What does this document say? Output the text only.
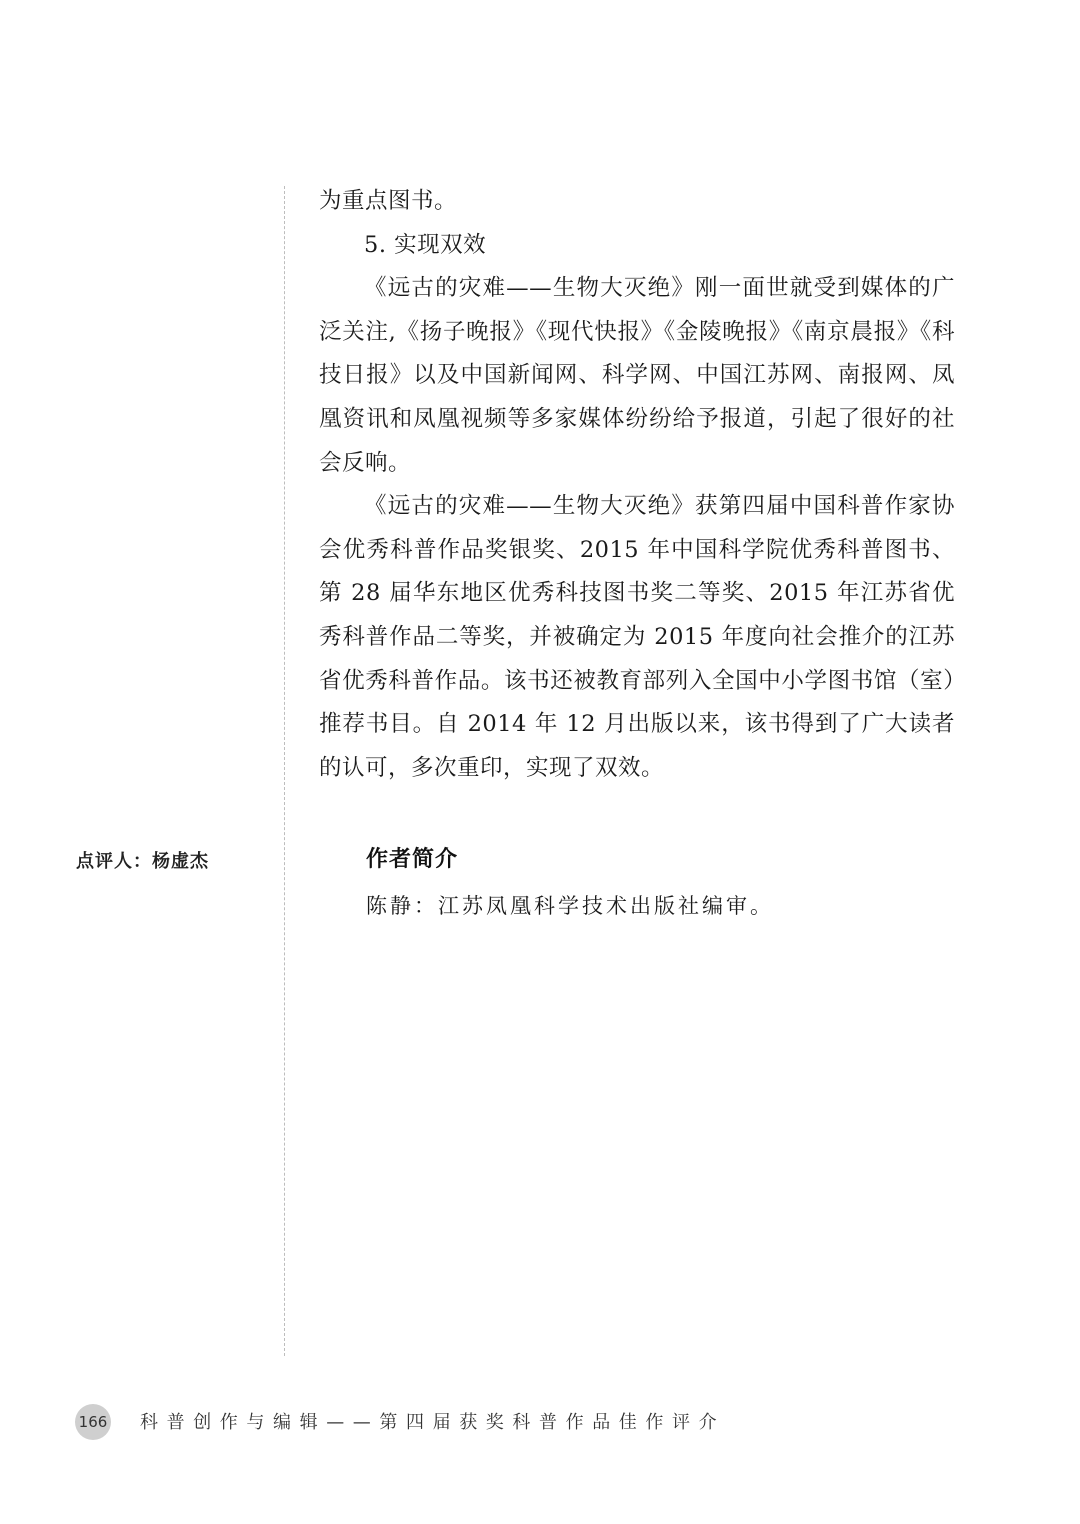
为重点图书。

5. 实现双效

《远古的灾难——生物大灭绝》刚一面世就受到媒体的广泛关注,《扬子晚报》《现代快报》《金陵晚报》《南京晨报》《科技日报》以及中国新闻网、科学网、中国江苏网、南报网、凤凰资讯和凤凰视频等多家媒体纷纷给予报道，引起了很好的社会反响。

《远古的灾难——生物大灭绝》获第四届中国科普作家协会优秀科普作品奖银奖、2015 年中国科学院优秀科普图书、第 28 届华东地区优秀科技图书奖二等奖、2015 年江苏省优秀科普作品二等奖，并被确定为 2015 年度向社会推介的江苏省优秀科普作品。该书还被教育部列入全国中小学图书馆（室）推荐书目。自 2014 年 12 月出版以来，该书得到了广大读者的认可，多次重印，实现了双效。

点评人：杨虚杰	作者简介
陈静：江苏凤凰科学技术出版社编审。
166 科普创作与编辑——第四届获奖科普作品佳作评介
